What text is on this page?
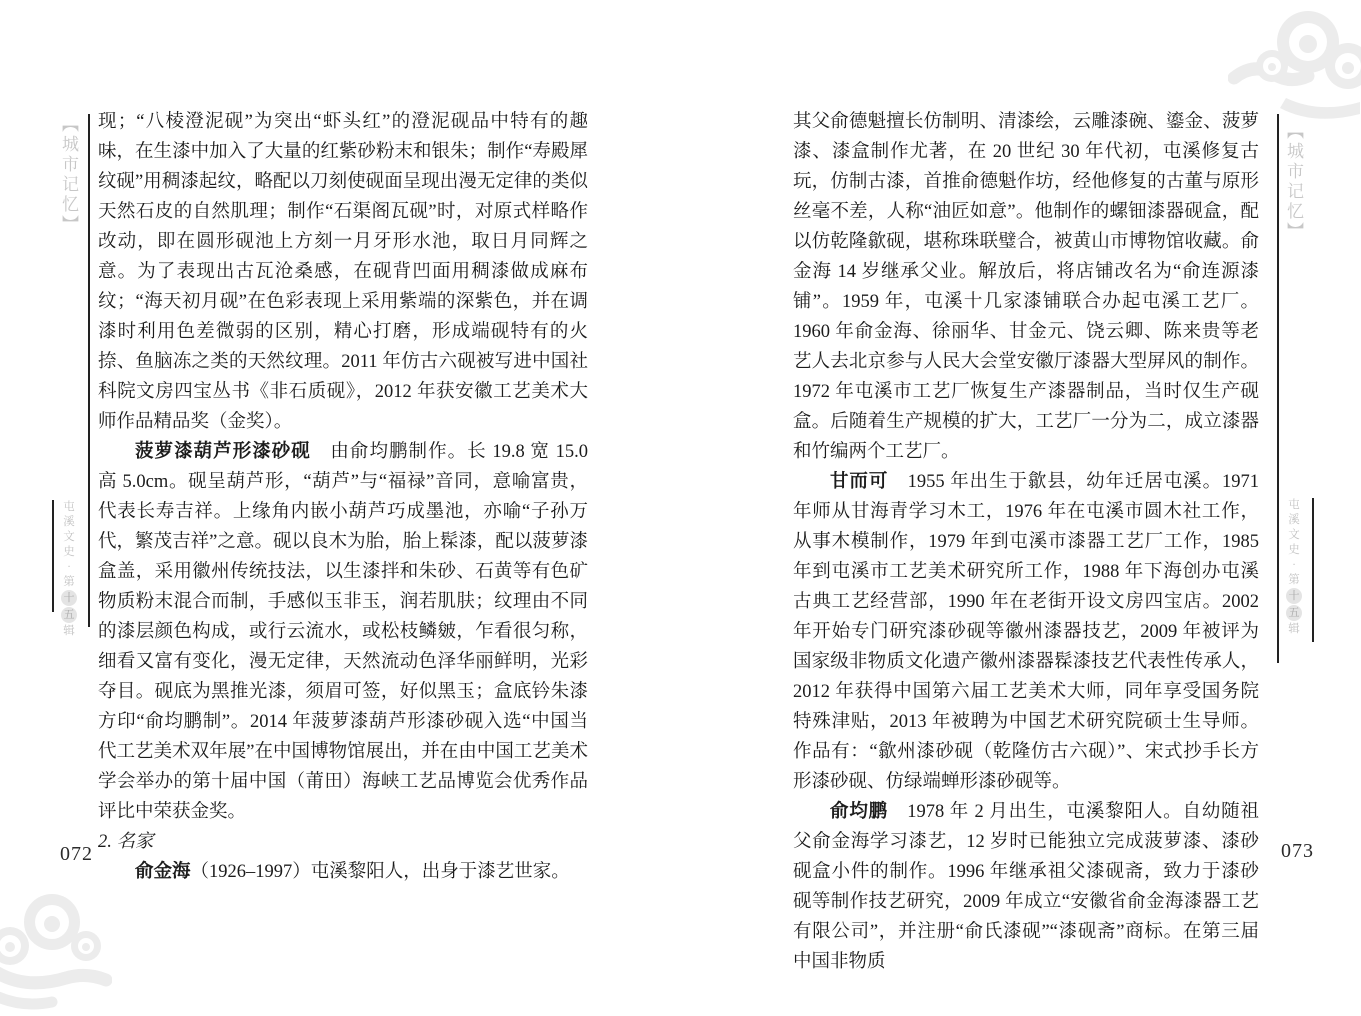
【城市记忆】
屯
溪
文
史
·
第
十
五
辑
【城市记忆】
屯
溪
文
史
·
第
十
五
辑

现；“八棱澄泥砚”为突出“虾头红”的澄泥砚品中特有的趣味，在生漆中加入了大量的红紫砂粉末和银朱；制作“寿殿犀纹砚”用稠漆起纹，略配以刀刻使砚面呈现出漫无定律的类似天然石皮的自然肌理；制作“石渠阁瓦砚”时，对原式样略作改动，即在圆形砚池上方刻一月牙形水池，取日月同辉之意。为了表现出古瓦沧桑感，在砚背凹面用稠漆做成麻布纹；“海天初月砚”在色彩表现上采用紫端的深紫色，并在调漆时利用色差微弱的区别，精心打磨，形成端砚特有的火捺、鱼脑冻之类的天然纹理。2011 年仿古六砚被写进中国社科院文房四宝丛书《非石质砚》，2012 年获安徽工艺美术大师作品精品奖（金奖）。

菠萝漆葫芦形漆砂砚　由俞均鹏制作。长 19.8 宽 15.0 高 5.0cm。砚呈葫芦形，“葫芦”与“福禄”音同，意喻富贵，代表长寿吉祥。上缘角内嵌小葫芦巧成墨池，亦喻“子孙万代，繁茂吉祥”之意。砚以良木为胎，胎上髹漆，配以菠萝漆盒盖，采用徽州传统技法，以生漆拌和朱砂、石黄等有色矿物质粉末混合而制，手感似玉非玉，润若肌肤；纹理由不同的漆层颜色构成，或行云流水，或松枝鳞皴，乍看很匀称，细看又富有变化，漫无定律，天然流动色泽华丽鲜明，光彩夺目。砚底为黑推光漆，须眉可签，好似黑玉；盒底钤朱漆方印“俞均鹏制”。2014 年菠萝漆葫芦形漆砂砚入选“中国当代工艺美术双年展”在中国博物馆展出，并在由中国工艺美术学会举办的第十届中国（莆田）海峡工艺品博览会优秀作品评比中荣获金奖。

2. 名家

俞金海（1926–1997）屯溪黎阳人，出身于漆艺世家。

其父俞德魁擅长仿制明、清漆绘，云雕漆碗、鎏金、菠萝漆、漆盒制作尤著，在 20 世纪 30 年代初，屯溪修复古玩，仿制古漆，首推俞德魁作坊，经他修复的古董与原形丝毫不差，人称“油匠如意”。他制作的螺钿漆器砚盒，配以仿乾隆歙砚，堪称珠联璧合，被黄山市博物馆收藏。俞金海 14 岁继承父业。解放后，将店铺改名为“俞连源漆铺”。1959 年，屯溪十几家漆铺联合办起屯溪工艺厂。1960 年俞金海、徐丽华、甘金元、饶云卿、陈来贵等老艺人去北京参与人民大会堂安徽厅漆器大型屏风的制作。1972 年屯溪市工艺厂恢复生产漆器制品，当时仅生产砚盒。后随着生产规模的扩大，工艺厂一分为二，成立漆器和竹编两个工艺厂。

甘而可　1955 年出生于歙县，幼年迁居屯溪。1971 年师从甘海青学习木工，1976 年在屯溪市圆木社工作，从事木模制作，1979 年到屯溪市漆器工艺厂工作，1985 年到屯溪市工艺美术研究所工作，1988 年下海创办屯溪古典工艺经营部，1990 年在老街开设文房四宝店。2002 年开始专门研究漆砂砚等徽州漆器技艺，2009 年被评为国家级非物质文化遗产徽州漆器髹漆技艺代表性传承人，2012 年获得中国第六届工艺美术大师，同年享受国务院特殊津贴，2013 年被聘为中国艺术研究院硕士生导师。作品有：“歙州漆砂砚（乾隆仿古六砚）”、宋式抄手长方形漆砂砚、仿绿端蝉形漆砂砚等。

俞均鹏　1978 年 2 月出生，屯溪黎阳人。自幼随祖父俞金海学习漆艺，12 岁时已能独立完成菠萝漆、漆砂砚盒小件的制作。1996 年继承祖父漆砚斋，致力于漆砂砚等制作技艺研究，2009 年成立“安徽省俞金海漆器工艺有限公司”，并注册“俞氏漆砚”“漆砚斋”商标。在第三届中国非物质

072	073
